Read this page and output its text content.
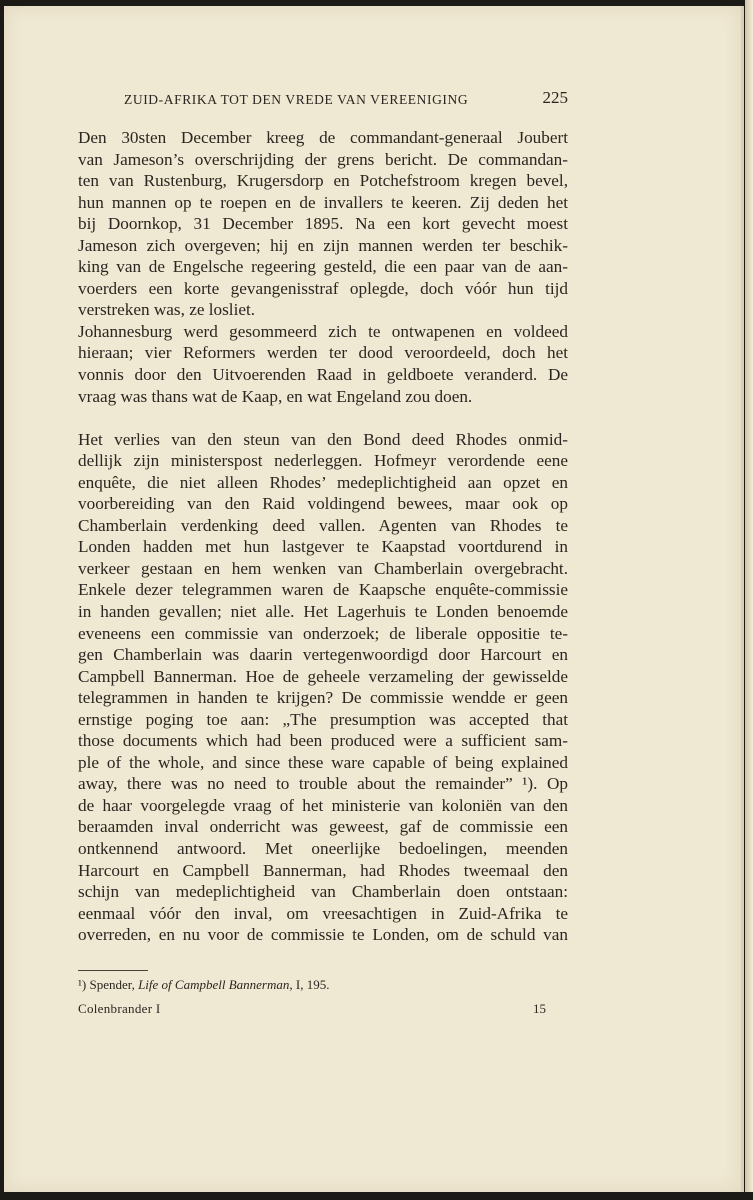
ZUID-AFRIKA TOT DEN VREDE VAN VEREENIGING	225
Den 30sten December kreeg de commandant-generaal Joubert
van Jameson’s overschrijding der grens bericht. De commandan-
ten van Rustenburg, Krugersdorp en Potchefstroom kregen bevel,
hun mannen op te roepen en de invallers te keeren. Zij deden het
bij Doornkop, 31 December 1895. Na een kort gevecht moest
Jameson zich overgeven; hij en zijn mannen werden ter beschik-
king van de Engelsche regeering gesteld, die een paar van de aan-
voerders een korte gevangenisstraf oplegde, doch vóór hun tijd
verstreken was, ze losliet.
Johannesburg werd gesommeerd zich te ontwapenen en voldeed
hieraan; vier Reformers werden ter dood veroordeeld, doch het
vonnis door den Uitvoerenden Raad in geldboete veranderd. De
vraag was thans wat de Kaap, en wat Engeland zou doen.
Het verlies van den steun van den Bond deed Rhodes onmid-
dellijk zijn ministerspost nederleggen. Hofmeyr verordende eene
enquête, die niet alleen Rhodes’ medeplichtigheid aan opzet en
voorbereiding van den Raid voldingend bewees, maar ook op
Chamberlain verdenking deed vallen. Agenten van Rhodes te
Londen hadden met hun lastgever te Kaapstad voortdurend in
verkeer gestaan en hem wenken van Chamberlain overgebracht.
Enkele dezer telegrammen waren de Kaapsche enquête-commissie
in handen gevallen; niet alle. Het Lagerhuis te Londen benoemde
eveneens een commissie van onderzoek; de liberale oppositie te-
gen Chamberlain was daarin vertegenwoordigd door Harcourt en
Campbell Bannerman. Hoe de geheele verzameling der gewisselde
telegrammen in handen te krijgen? De commissie wendde er geen
ernstige poging toe aan: „The presumption was accepted that
those documents which had been produced were a sufficient sam-
ple of the whole, and since these ware capable of being explained
away, there was no need to trouble about the remainder” ¹). Op
de haar voorgelegde vraag of het ministerie van koloniën van den
beraamden inval onderricht was geweest, gaf de commissie een
ontkennend antwoord. Met oneerlijke bedoelingen, meenden
Harcourt en Campbell Bannerman, had Rhodes tweemaal den
schijn van medeplichtigheid van Chamberlain doen ontstaan:
eenmaal vóór den inval, om vreesachtigen in Zuid-Afrika te
overreden, en nu voor de commissie te Londen, om de schuld van
¹) Spender, Life of Campbell Bannerman, I, 195.
Colenbrander I	15
